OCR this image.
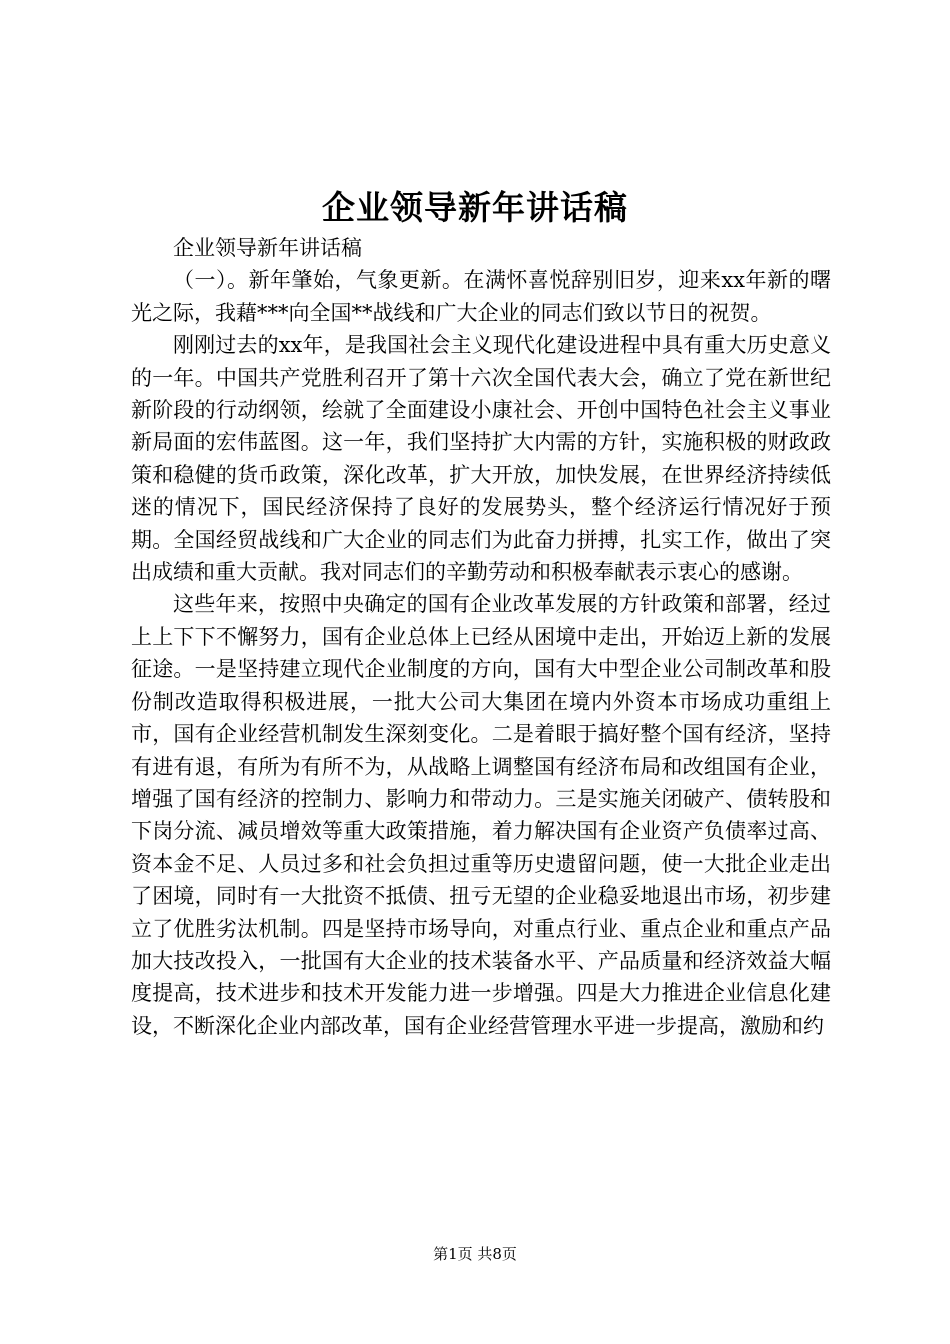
企业领导新年讲话稿

企业领导新年讲话稿

（一）。新年肇始，气象更新。在满怀喜悦辞别旧岁，迎来xx年新的曙光之际，我藉***向全国**战线和广大企业的同志们致以节日的祝贺。

刚刚过去的xx年，是我国社会主义现代化建设进程中具有重大历史意义的一年。中国共产党胜利召开了第十六次全国代表大会，确立了党在新世纪新阶段的行动纲领，绘就了全面建设小康社会、开创中国特色社会主义事业新局面的宏伟蓝图。这一年，我们坚持扩大内需的方针，实施积极的财政政策和稳健的货币政策，深化改革，扩大开放，加快发展，在世界经济持续低迷的情况下，国民经济保持了良好的发展势头，整个经济运行情况好于预期。全国经贸战线和广大企业的同志们为此奋力拼搏，扎实工作，做出了突出成绩和重大贡献。我对同志们的辛勤劳动和积极奉献表示衷心的感谢。

这些年来，按照中央确定的国有企业改革发展的方针政策和部署，经过上上下下不懈努力，国有企业总体上已经从困境中走出，开始迈上新的发展征途。一是坚持建立现代企业制度的方向，国有大中型企业公司制改革和股份制改造取得积极进展，一批大公司大集团在境内外资本市场成功重组上市，国有企业经营机制发生深刻变化。二是着眼于搞好整个国有经济，坚持有进有退，有所为有所不为，从战略上调整国有经济布局和改组国有企业，增强了国有经济的控制力、影响力和带动力。三是实施关闭破产、债转股和下岗分流、减员增效等重大政策措施，着力解决国有企业资产负债率过高、资本金不足、人员过多和社会负担过重等历史遗留问题，使一大批企业走出了困境，同时有一大批资不抵债、扭亏无望的企业稳妥地退出市场，初步建立了优胜劣汰机制。四是坚持市场导向，对重点行业、重点企业和重点产品加大技改投入，一批国有大企业的技术装备水平、产品质量和经济效益大幅度提高，技术进步和技术开发能力进一步增强。四是大力推进企业信息化建设，不断深化企业内部改革，国有企业经营管理水平进一步提高，激励和约

第1页 共8页
